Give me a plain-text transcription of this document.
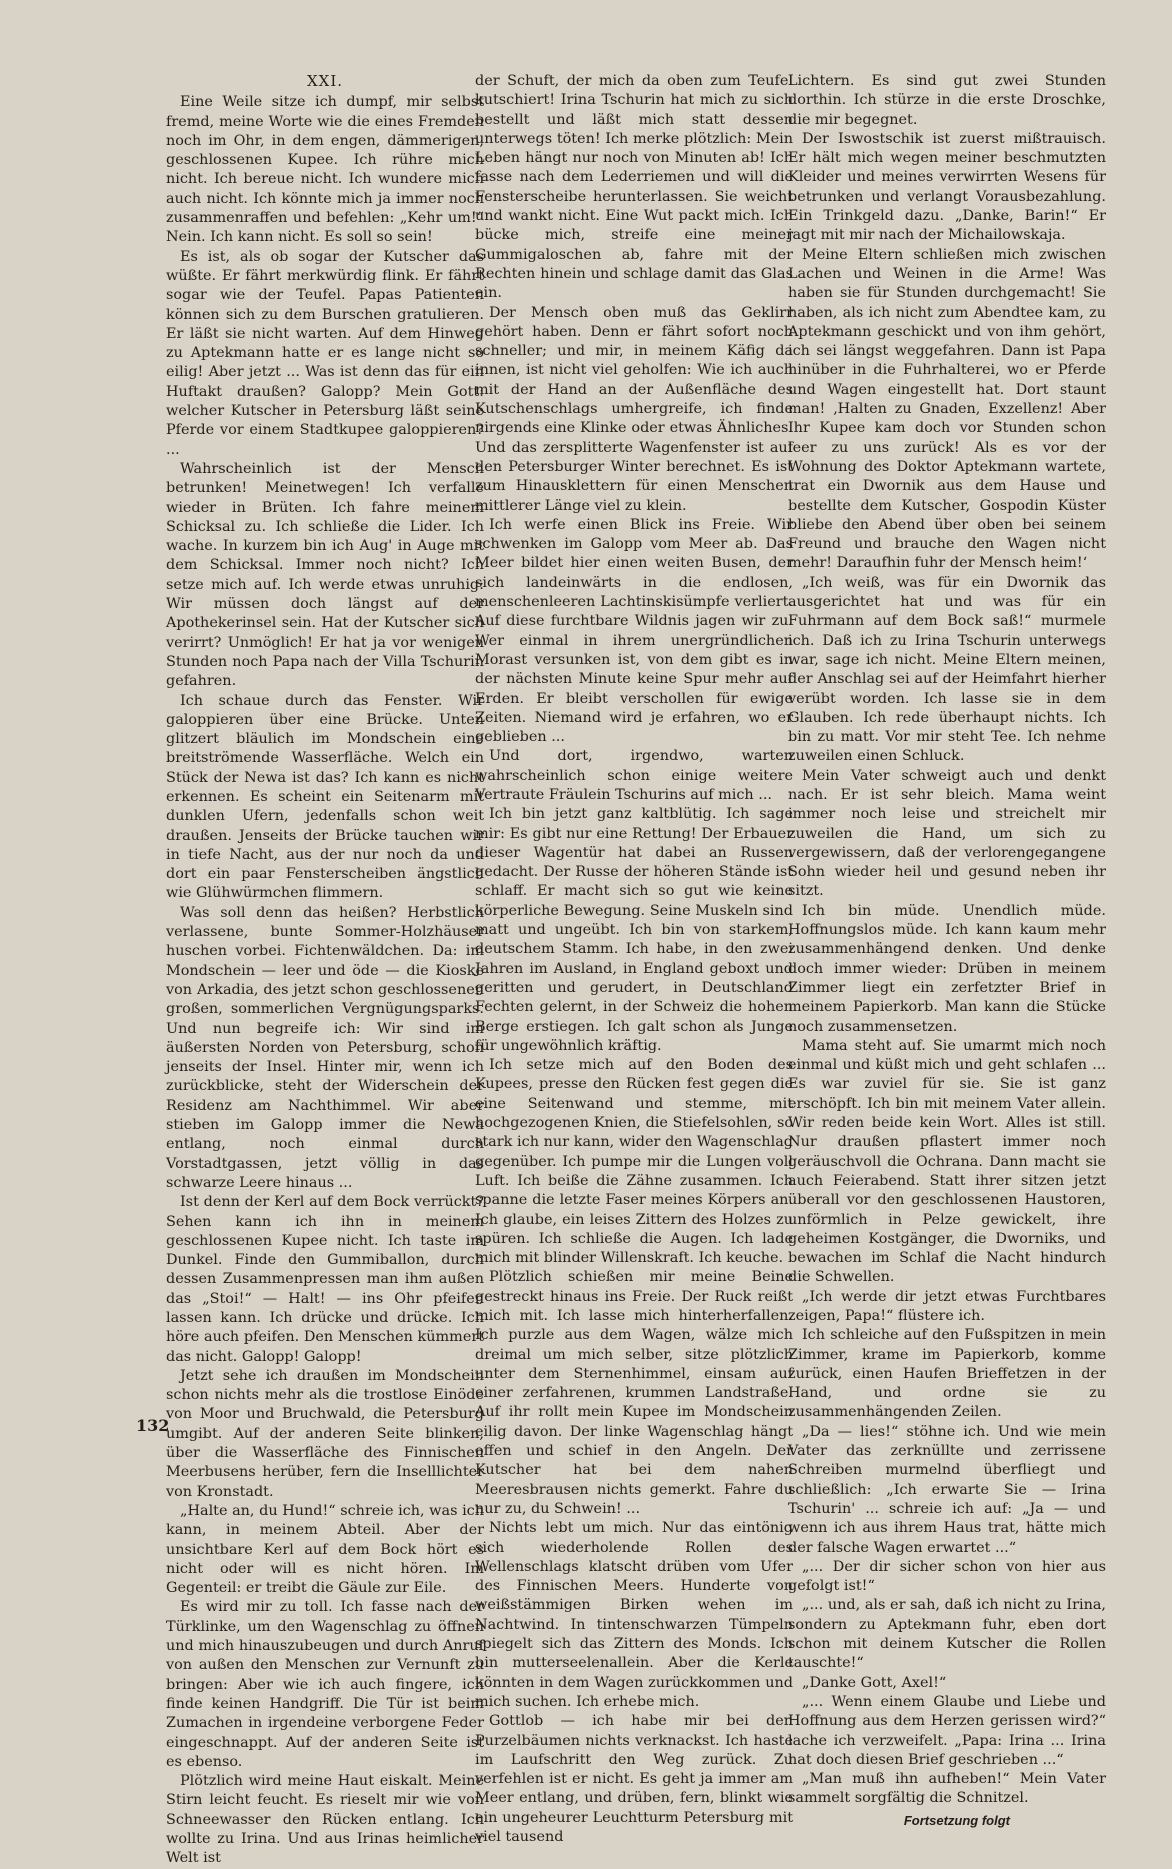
XXI.

Eine Weile sitze ich dumpf, mir selbst fremd, meine Worte wie die eines Fremden noch im Ohr, in dem engen, dämmerigen, geschlossenen Kupee. Ich rühre mich nicht. Ich bereue nicht. Ich wundere mich auch nicht. Ich könnte mich ja immer noch zusammenraffen und befehlen: „Kehr um!“ Nein. Ich kann nicht. Es soll so sein!

Es ist, als ob sogar der Kutscher das wüßte. Er fährt merkwürdig flink. Er fährt sogar wie der Teufel. Papas Patienten können sich zu dem Burschen gratulieren. Er läßt sie nicht warten. Auf dem Hinweg zu Aptekmann hatte er es lange nicht so eilig! Aber jetzt ... Was ist denn das für ein Huftakt draußen? Galopp? Mein Gott: welcher Kutscher in Petersburg läßt seine Pferde vor einem Stadtkupee galoppieren? ...

Wahrscheinlich ist der Mensch betrunken! Meinetwegen! Ich verfalle wieder in Brüten. Ich fahre meinem Schicksal zu. Ich schließe die Lider. Ich wache. In kurzem bin ich Aug' in Auge mit dem Schicksal. Immer noch nicht? Ich setze mich auf. Ich werde etwas unruhig: Wir müssen doch längst auf der Apothekerinsel sein. Hat der Kutscher sich verirrt? Unmöglich! Er hat ja vor wenigen Stunden noch Papa nach der Villa Tschurin gefahren.

Ich schaue durch das Fenster. Wir galoppieren über eine Brücke. Unten glitzert bläulich im Mondschein eine breitströmende Wasserfläche. Welch ein Stück der Newa ist das? Ich kann es nicht erkennen. Es scheint ein Seitenarm mit dunklen Ufern, jedenfalls schon weit draußen. Jenseits der Brücke tauchen wir in tiefe Nacht, aus der nur noch da und dort ein paar Fensterscheiben ängstlich wie Glühwürmchen flimmern.

Was soll denn das heißen? Herbstlich verlassene, bunte Sommer-Holzhäuser huschen vorbei. Fichtenwäldchen. Da: im Mondschein — leer und öde — die Kioske von Arkadia, des jetzt schon geschlossenen großen, sommerlichen Vergnügungsparks. Und nun begreife ich: Wir sind im äußersten Norden von Petersburg, schon jenseits der Insel. Hinter mir, wenn ich zurückblicke, steht der Widerschein der Residenz am Nachthimmel. Wir aber stieben im Galopp immer die Newa entlang, noch einmal durch Vorstadtgassen, jetzt völlig in das schwarze Leere hinaus ...

Ist denn der Kerl auf dem Bock verrückt? Sehen kann ich ihn in meinem geschlossenen Kupee nicht. Ich taste im Dunkel. Finde den Gummiballon, durch dessen Zusammenpressen man ihm außen das „Stoi!“ — Halt! — ins Ohr pfeifen lassen kann. Ich drücke und drücke. Ich höre auch pfeifen. Den Menschen kümmert das nicht. Galopp! Galopp!

Jetzt sehe ich draußen im Mondschein schon nichts mehr als die trostlose Einöde von Moor und Bruchwald, die Petersburg umgibt. Auf der anderen Seite blinken, über die Wasserfläche des Finnischen Meerbusens herüber, fern die Inselllichter von Kronstadt.

„Halte an, du Hund!“ schreie ich, was ich kann, in meinem Abteil. Aber der unsichtbare Kerl auf dem Bock hört es nicht oder will es nicht hören. Im Gegenteil: er treibt die Gäule zur Eile.

Es wird mir zu toll. Ich fasse nach der Türklinke, um den Wagenschlag zu öffnen und mich hinauszubeugen und durch Anruf von außen den Menschen zur Vernunft zu bringen: Aber wie ich auch fingere, ich finde keinen Handgriff. Die Tür ist beim Zumachen in irgendeine verborgene Feder eingeschnappt. Auf der anderen Seite ist es ebenso.

Plötzlich wird meine Haut eiskalt. Meine Stirn leicht feucht. Es rieselt mir wie von Schneewasser den Rücken entlang. Ich wollte zu Irina. Und aus Irinas heimlicher Welt ist

der Schuft, der mich da oben zum Teufel kutschiert! Irina Tschurin hat mich zu sich bestellt und läßt mich statt dessen unterwegs töten! Ich merke plötzlich: Mein Leben hängt nur noch von Minuten ab! Ich fasse nach dem Lederriemen und will die Fensterscheibe herunterlassen. Sie weicht und wankt nicht. Eine Wut packt mich. Ich bücke mich, streife eine meiner Gummigaloschen ab, fahre mit der Rechten hinein und schlage damit das Glas ein.

Der Mensch oben muß das Geklirr gehört haben. Denn er fährt sofort noch schneller; und mir, in meinem Käfig da innen, ist nicht viel geholfen: Wie ich auch mit der Hand an der Außenfläche des Kutschenschlags umhergreife, ich finde nirgends eine Klinke oder etwas Ähnliches. Und das zersplitterte Wagenfenster ist auf den Petersburger Winter berechnet. Es ist zum Hinausklettern für einen Menschen mittlerer Länge viel zu klein.

Ich werfe einen Blick ins Freie. Wir schwenken im Galopp vom Meer ab. Das Meer bildet hier einen weiten Busen, der sich landeinwärts in die endlosen, menschenleeren Lachtinskisümpfe verliert. Auf diese furchtbare Wildnis jagen wir zu. Wer einmal in ihrem unergründlichen Morast versunken ist, von dem gibt es in der nächsten Minute keine Spur mehr auf Erden. Er bleibt verschollen für ewige Zeiten. Niemand wird je erfahren, wo er geblieben ...

Und dort, irgendwo, warten wahrscheinlich schon einige weitere Vertraute Fräulein Tschurins auf mich ...

Ich bin jetzt ganz kaltblütig. Ich sage mir: Es gibt nur eine Rettung! Der Erbauer dieser Wagentür hat dabei an Russen gedacht. Der Russe der höheren Stände ist schlaff. Er macht sich so gut wie keine körperliche Bewegung. Seine Muskeln sind matt und ungeübt. Ich bin von starkem, deutschem Stamm. Ich habe, in den zwei Jahren im Ausland, in England geboxt und geritten und gerudert, in Deutschland Fechten gelernt, in der Schweiz die hohen Berge erstiegen. Ich galt schon als Junge für ungewöhnlich kräftig.

Ich setze mich auf den Boden des Kupees, presse den Rücken fest gegen die eine Seitenwand und stemme, mit hochgezogenen Knien, die Stiefelsohlen, so stark ich nur kann, wider den Wagenschlag gegenüber. Ich pumpe mir die Lungen voll Luft. Ich beiße die Zähne zusammen. Ich spanne die letzte Faser meines Körpers an. Ich glaube, ein leises Zittern des Holzes zu spüren. Ich schließe die Augen. Ich lade mich mit blinder Willenskraft. Ich keuche.

Plötzlich schießen mir meine Beine gestreckt hinaus ins Freie. Der Ruck reißt mich mit. Ich lasse mich hinterherfallen. Ich purzle aus dem Wagen, wälze mich dreimal um mich selber, sitze plötzlich unter dem Sternenhimmel, einsam auf einer zerfahrenen, krummen Landstraße. Auf ihr rollt mein Kupee im Mondschein eilig davon. Der linke Wagenschlag hängt offen und schief in den Angeln. Der Kutscher hat bei dem nahen Meeresbrausen nichts gemerkt. Fahre du nur zu, du Schwein! ...

Nichts lebt um mich. Nur das eintönig sich wiederholende Rollen des Wellenschlags klatscht drüben vom Ufer des Finnischen Meers. Hunderte von weißstämmigen Birken wehen im Nachtwind. In tintenschwarzen Tümpeln spiegelt sich das Zittern des Monds. Ich bin mutterseelenallein. Aber die Kerle könnten in dem Wagen zurückkommen und mich suchen. Ich erhebe mich.

Gottlob — ich habe mir bei den Purzelbäumen nichts verknackst. Ich haste im Laufschritt den Weg zurück. Zu verfehlen ist er nicht. Es geht ja immer am Meer entlang, und drüben, fern, blinkt wie ein ungeheurer Leuchtturm Petersburg mit viel tausend

Lichtern. Es sind gut zwei Stunden dorthin. Ich stürze in die erste Droschke, die mir begegnet.

Der Iswostschik ist zuerst mißtrauisch. Er hält mich wegen meiner beschmutzten Kleider und meines verwirrten Wesens für betrunken und verlangt Vorausbezahlung. Ein Trinkgeld dazu. „Danke, Barin!“ Er jagt mit mir nach der Michailowskaja.

Meine Eltern schließen mich zwischen Lachen und Weinen in die Arme! Was haben sie für Stunden durchgemacht! Sie haben, als ich nicht zum Abendtee kam, zu Aptekmann geschickt und von ihm gehört, ich sei längst weggefahren. Dann ist Papa hinüber in die Fuhrhalterei, wo er Pferde und Wagen eingestellt hat. Dort staunt man! ‚Halten zu Gnaden, Exzellenz! Aber Ihr Kupee kam doch vor Stunden schon leer zu uns zurück! Als es vor der Wohnung des Doktor Aptekmann wartete, trat ein Dwornik aus dem Hause und bestellte dem Kutscher, Gospodin Küster bliebe den Abend über oben bei seinem Freund und brauche den Wagen nicht mehr! Daraufhin fuhr der Mensch heim!‘

„Ich weiß, was für ein Dwornik das ausgerichtet hat und was für ein Fuhrmann auf dem Bock saß!“ murmele ich. Daß ich zu Irina Tschurin unterwegs war, sage ich nicht. Meine Eltern meinen, der Anschlag sei auf der Heimfahrt hierher verübt worden. Ich lasse sie in dem Glauben. Ich rede überhaupt nichts. Ich bin zu matt. Vor mir steht Tee. Ich nehme zuweilen einen Schluck.

Mein Vater schweigt auch und denkt nach. Er ist sehr bleich. Mama weint immer noch leise und streichelt mir zuweilen die Hand, um sich zu vergewissern, daß der verlorengegangene Sohn wieder heil und gesund neben ihr sitzt.

Ich bin müde. Unendlich müde. Hoffnungslos müde. Ich kann kaum mehr zusammenhängend denken. Und denke doch immer wieder: Drüben in meinem Zimmer liegt ein zerfetzter Brief in meinem Papierkorb. Man kann die Stücke noch zusammensetzen.

Mama steht auf. Sie umarmt mich noch einmal und küßt mich und geht schlafen ... Es war zuviel für sie. Sie ist ganz erschöpft. Ich bin mit meinem Vater allein. Wir reden beide kein Wort. Alles ist still. Nur draußen pflastert immer noch geräuschvoll die Ochrana. Dann macht sie auch Feierabend. Statt ihrer sitzen jetzt überall vor den geschlossenen Haustoren, unförmlich in Pelze gewickelt, ihre geheimen Kostgänger, die Dworniks, und bewachen im Schlaf die Nacht hindurch die Schwellen.

„Ich werde dir jetzt etwas Furchtbares zeigen, Papa!“ flüstere ich.

Ich schleiche auf den Fußspitzen in mein Zimmer, krame im Papierkorb, komme zurück, einen Haufen Brieffetzen in der Hand, und ordne sie zu zusammenhängenden Zeilen.

„Da — lies!“ stöhne ich. Und wie mein Vater das zerknüllte und zerrissene Schreiben murmelnd überfliegt und schließlich: „Ich erwarte Sie — Irina Tschurin' ... schreie ich auf: „Ja — und wenn ich aus ihrem Haus trat, hätte mich der falsche Wagen erwartet ...“

„... Der dir sicher schon von hier aus gefolgt ist!“

„... und, als er sah, daß ich nicht zu Irina, sondern zu Aptekmann fuhr, eben dort schon mit deinem Kutscher die Rollen tauschte!“

„Danke Gott, Axel!“

„... Wenn einem Glaube und Liebe und Hoffnung aus dem Herzen gerissen wird?“ lache ich verzweifelt. „Papa: Irina ... Irina hat doch diesen Brief geschrieben ...“

„Man muß ihn aufheben!“ Mein Vater sammelt sorgfältig die Schnitzel.

Fortsetzung folgt
132
